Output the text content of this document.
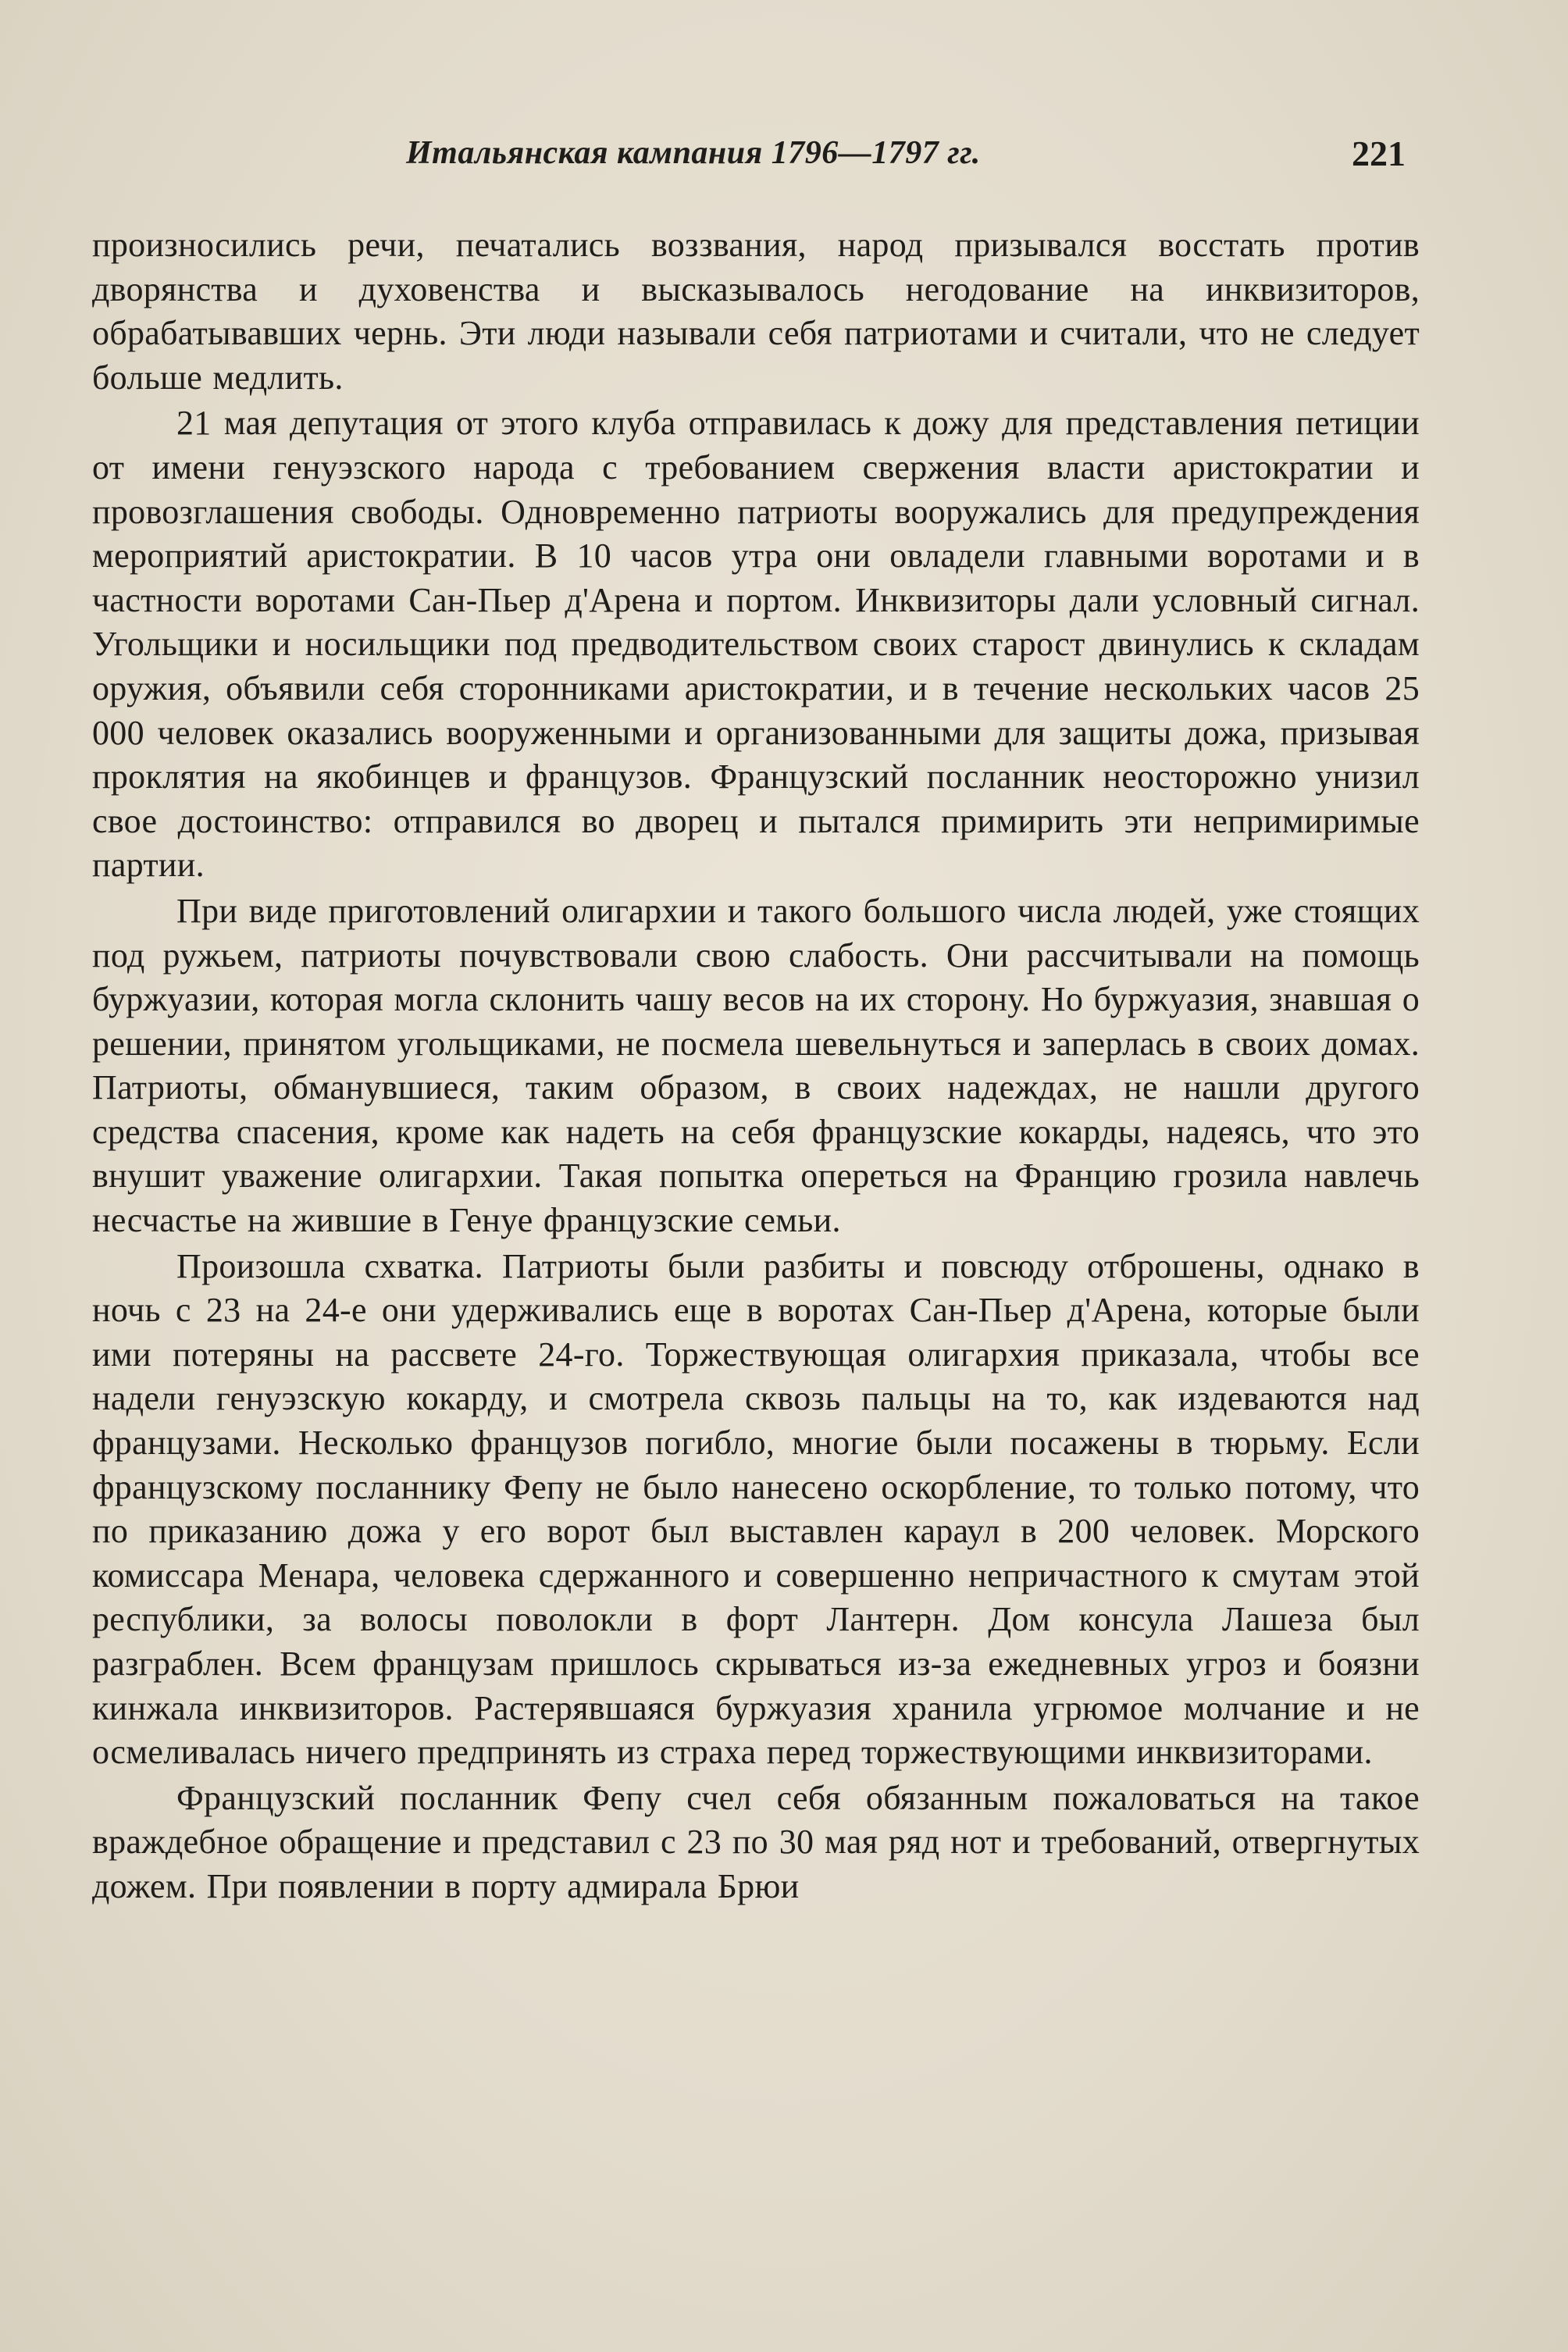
Итальянская кампания 1796—1797 гг.	221

произносились речи, печатались воззвания, народ призывался восстать против дворянства и духовенства и высказывалось негодование на инквизиторов, обрабатывавших чернь. Эти люди называли себя патриотами и считали, что не следует больше медлить.

21 мая депутация от этого клуба отправилась к дожу для представления петиции от имени генуэзского народа с требованием свержения власти аристократии и провозглашения свободы. Одновременно патриоты вооружались для предупреждения мероприятий аристократии. В 10 часов утра они овладели главными воротами и в частности воротами Сан-Пьер д'Арена и портом. Инквизиторы дали условный сигнал. Угольщики и носильщики под предводительством своих старост двинулись к складам оружия, объявили себя сторонниками аристократии, и в течение нескольких часов 25 000 человек оказались вооруженными и организованными для защиты дожа, призывая проклятия на якобинцев и французов. Французский посланник неосторожно унизил свое достоинство: отправился во дворец и пытался примирить эти непримиримые партии.

При виде приготовлений олигархии и такого большого числа людей, уже стоящих под ружьем, патриоты почувствовали свою слабость. Они рассчитывали на помощь буржуазии, которая могла склонить чашу весов на их сторону. Но буржуазия, знавшая о решении, принятом угольщиками, не посмела шевельнуться и заперлась в своих домах. Патриоты, обманувшиеся, таким образом, в своих надеждах, не нашли другого средства спасения, кроме как надеть на себя французские кокарды, надеясь, что это внушит уважение олигархии. Такая попытка опереться на Францию грозила навлечь несчастье на жившие в Генуе французские семьи.

Произошла схватка. Патриоты были разбиты и повсюду отброшены, однако в ночь с 23 на 24-е они удерживались еще в воротах Сан-Пьер д'Арена, которые были ими потеряны на рассвете 24-го. Торжествующая олигархия приказала, чтобы все надели генуэзскую кокарду, и смотрела сквозь пальцы на то, как издеваются над французами. Несколько французов погибло, многие были посажены в тюрьму. Если французскому посланнику Фепу не было нанесено оскорбление, то только потому, что по приказанию дожа у его ворот был выставлен караул в 200 человек. Морского комиссара Менара, человека сдержанного и совершенно непричастного к смутам этой республики, за волосы поволокли в форт Лантерн. Дом консула Лашеза был разграблен. Всем французам пришлось скрываться из-за ежедневных угроз и боязни кинжала инквизиторов. Растерявшаяся буржуазия хранила угрюмое молчание и не осмеливалась ничего предпринять из страха перед торжествующими инквизиторами.

Французский посланник Фепу счел себя обязанным пожаловаться на такое враждебное обращение и представил с 23 по 30 мая ряд нот и требований, отвергнутых дожем. При появлении в порту адмирала Брюи
